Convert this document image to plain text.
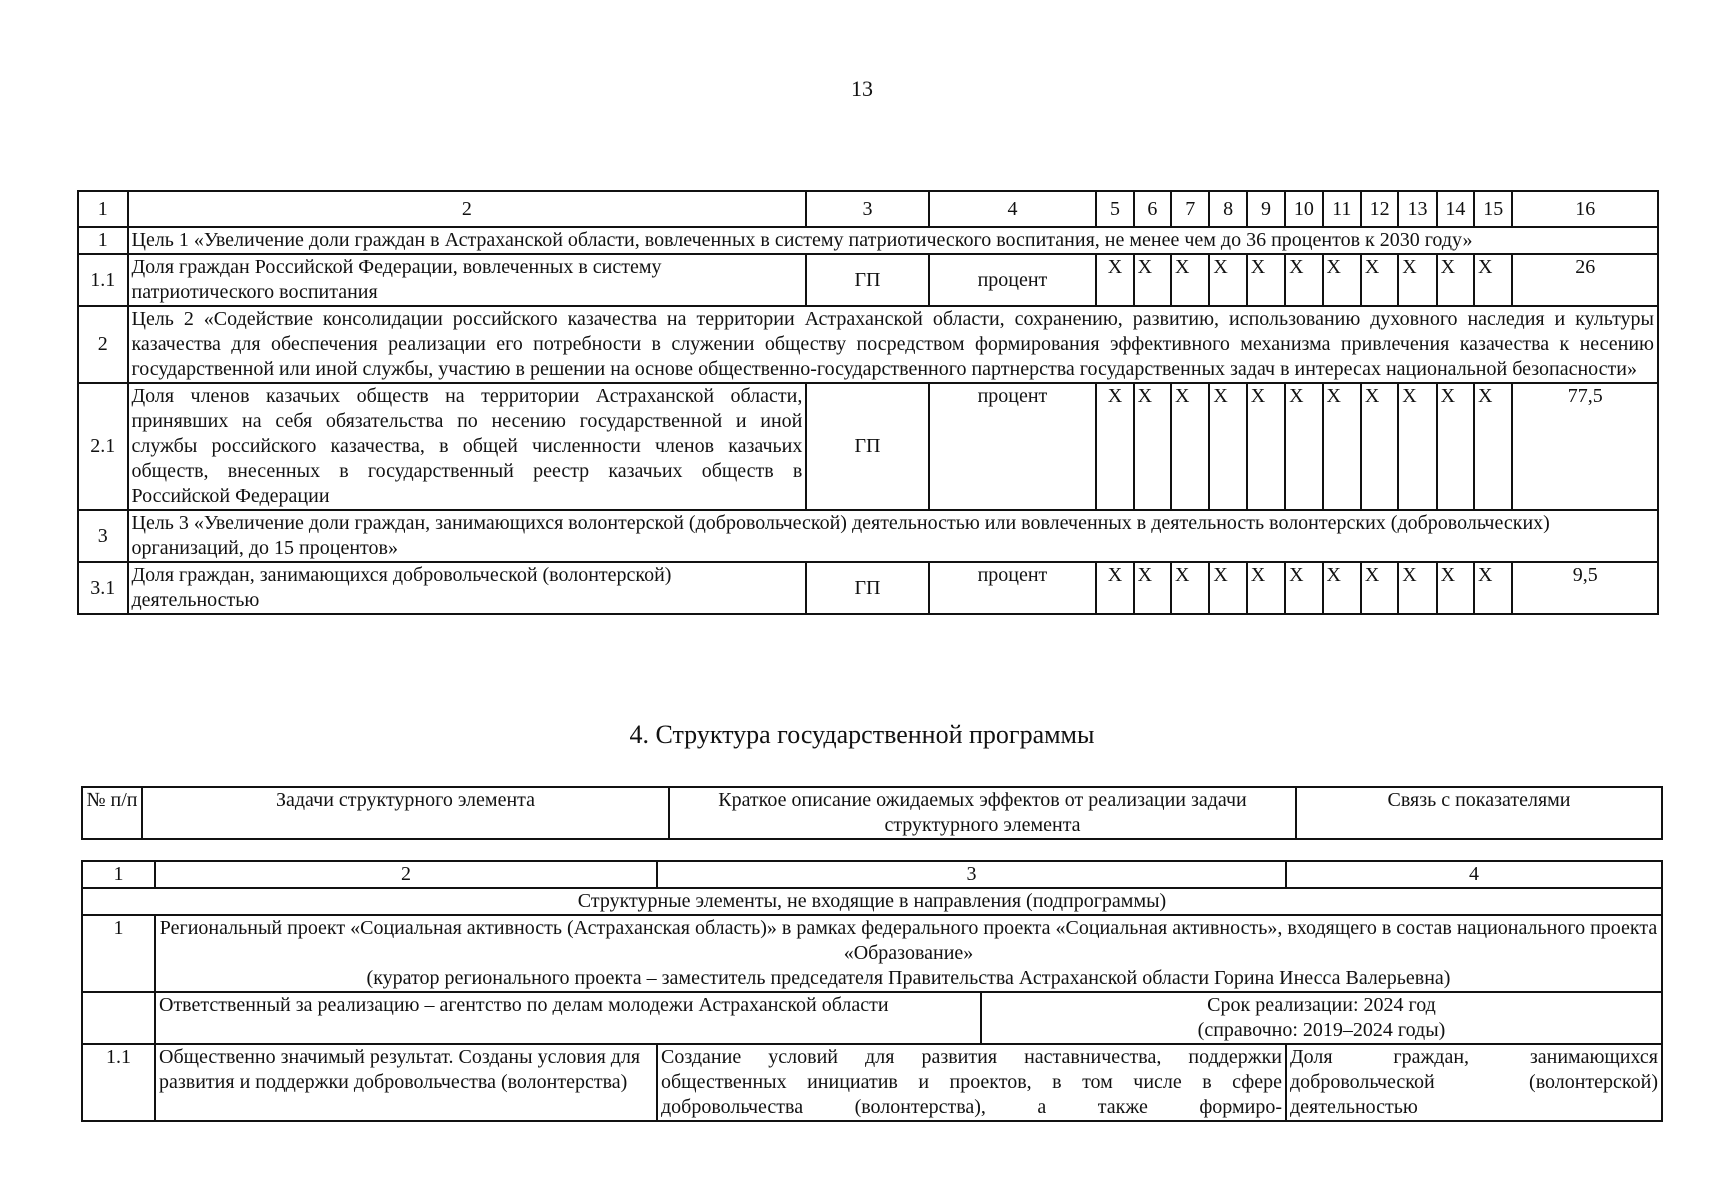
13
1	2	3	4	5	6	7	8	9	10	11	12	13	14	15	16
1	Цель 1 «Увеличение доли граждан в Астраханской области, вовлеченных в систему патриотического воспитания, не менее чем до 36 процентов к 2030 году»														
1.1	Доля граждан Российской Федерации, вовлеченных в систему патриотического воспитания	ГП	процент	Х	Х	Х	Х	Х	Х	Х	Х	Х	Х	Х	26
2	Цель 2 «Содействие консолидации российского казачества на территории Астраханской области, сохранению, развитию, использованию духовного наследия и культуры казачества для обеспечения реализации его потребности в служении обществу посредством формирования эффективного механизма привлечения казачества к несению государственной или иной службы, участию в решении на основе общественно-государственного партнерства государственных задач в интересах национальной безопасности»														
2.1	Доля членов казачьих обществ на территории Астраханской области, принявших на себя обязательства по несению государственной и иной службы российского казачества, в общей численности членов казачьих обществ, внесенных в государственный реестр казачьих обществ в Российской Федерации	ГП	процент	Х	Х	Х	Х	Х	Х	Х	Х	Х	Х	Х	77,5
3	Цель 3 «Увеличение доли граждан, занимающихся волонтерской (добровольческой) деятельностью или вовлеченных в деятельность волонтерских (добровольческих) организаций, до 15 процентов»														
3.1	Доля граждан, занимающихся добровольческой (волонтерской) деятельностью	ГП	процент	Х	Х	Х	Х	Х	Х	Х	Х	Х	Х	Х	9,5
4. Структура государственной программы
№ п/п	Задачи структурного элемента	Краткое описание ожидаемых эффектов от реализации задачи структурного элемента	Связь с показателями
1	2	3		4
Структурные элементы, не входящие в направления (подпрограммы)				
1	Региональный проект «Социальная активность (Астраханская область)» в рамках федерального проекта «Социальная активность», входящего в состав национального проекта «Образование»
(куратор регионального проекта – заместитель председателя Правительства Астраханской области Горина Инесса Валерьевна)			

	Ответственный за реализацию – агентство по делам молодежи Астраханской области		Срок реализации: 2024 год
(справочно: 2019–2024 годы)	

1.1	Общественно значимый результат. Созданы условия для развития и поддержки добровольчества (волонтерства)	Создание условий для развития наставничества, поддержки общественных инициатив и проектов, в том числе в сфере добровольчества (волонтерства), а также формиро-		Доля граждан, занимающихся добровольческой (волонтерской) деятельностью
